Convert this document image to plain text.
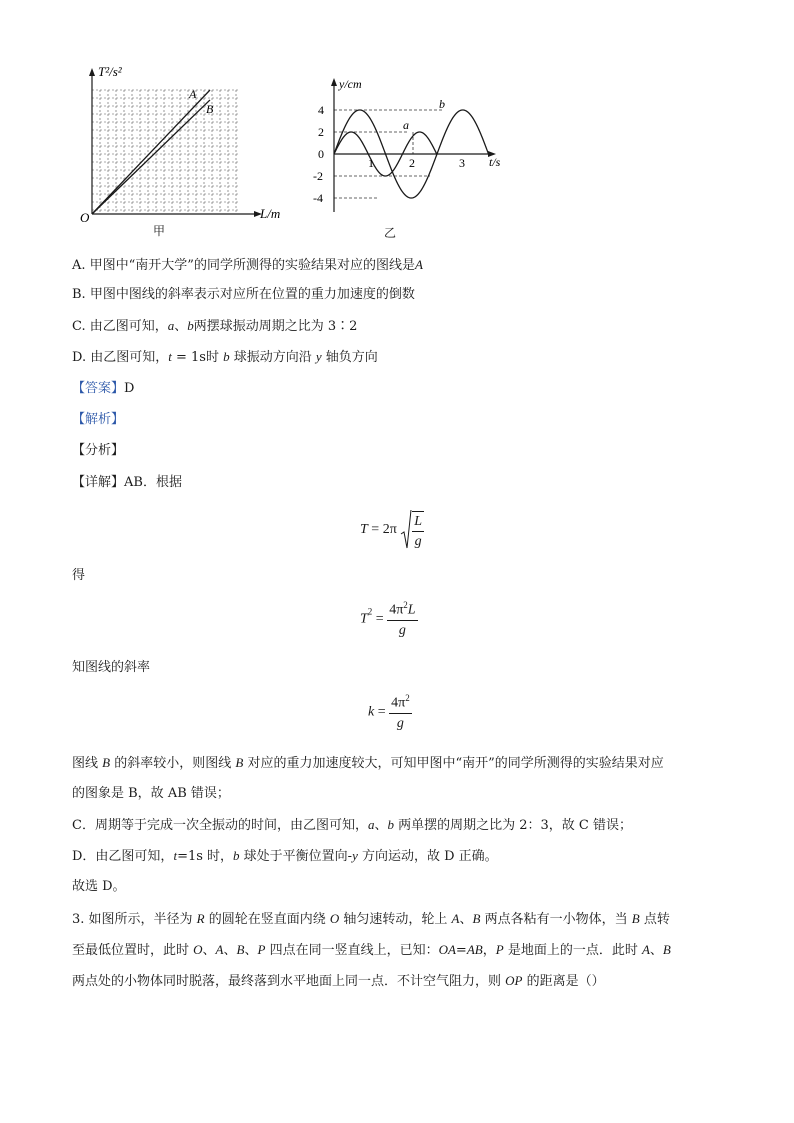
T²/s²
L/m
O
A
B
甲
4
2
0
-2
-4
1	2	3
y/cm
t/s
a
b
乙
A. 甲图中“南开大学”的同学所测得的实验结果对应的图线是A
B. 甲图中图线的斜率表示对应所在位置的重力加速度的倒数
C. 由乙图可知，a、b两摆球振动周期之比为 3∶2
D. 由乙图可知，t = 1s时 b 球振动方向沿 y 轴负方向
【答案】D
【解析】
【分析】
【详解】AB．根据
$T = 2\pi \frac{L}{g}$
得
$T^2 = \frac{4\pi^2L}{g}$
知图线的斜率
$k = \frac{4\pi^2}{g}$
图线 B 的斜率较小，则图线 B 对应的重力加速度较大，可知甲图中“南开”的同学所测得的实验结果对应
的图象是 B，故 AB 错误；
C．周期等于完成一次全振动的时间，由乙图可知，a、b 两单摆的周期之比为 2：3，故 C 错误；
D．由乙图可知，t=1s 时，b 球处于平衡位置向-y 方向运动，故 D 正确。
故选 D。
3. 如图所示，半径为 R 的圆轮在竖直面内绕 O 轴匀速转动，轮上 A、B 两点各粘有一小物体，当 B 点转
至最低位置时，此时 O、A、B、P 四点在同一竖直线上，已知：OA=AB，P 是地面上的一点．此时 A、B
两点处的小物体同时脱落，最终落到水平地面上同一点．不计空气阻力，则 OP 的距离是（）
